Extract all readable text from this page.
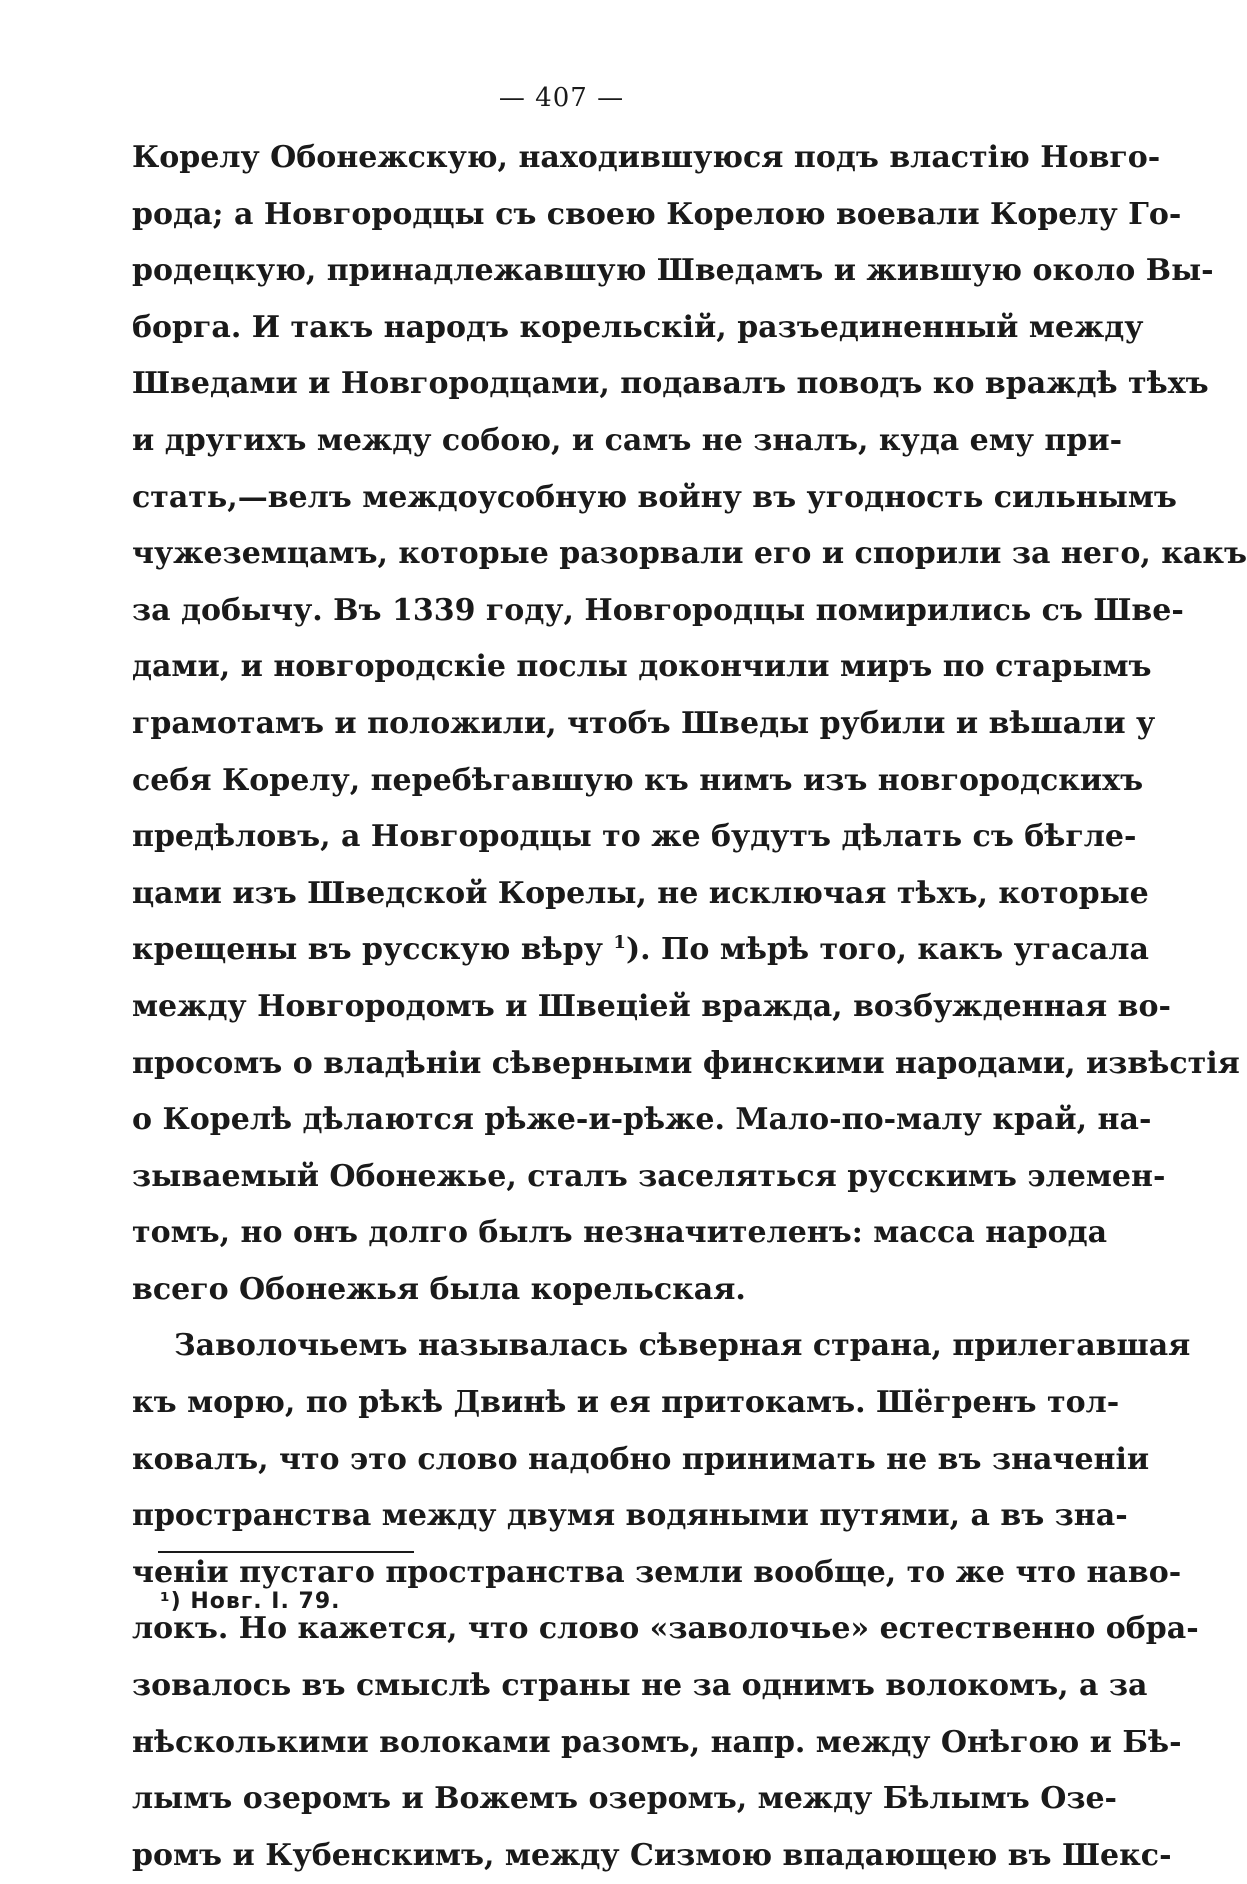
— 407 —
Корелу Обонежскую, находившуюся подъ властію Новго-
рода; а Новгородцы съ своею Корелою воевали Корелу Го-
родецкую, принадлежавшую Шведамъ и жившую около Вы-
борга. И такъ народъ корельскій, разъединенный между
Шведами и Новгородцами, подавалъ поводъ ко враждѣ тѣхъ
и другихъ между собою, и самъ не зналъ, куда ему при-
стать,—велъ междоусобную войну въ угодность сильнымъ
чужеземцамъ, которые разорвали его и спорили за него, какъ
за добычу. Въ 1339 году, Новгородцы помирились съ Шве-
дами, и новгородскіе послы докончили миръ по старымъ
грамотамъ и положили, чтобъ Шведы рубили и вѣшали у
себя Корелу, перебѣгавшую къ нимъ изъ новгородскихъ
предѣловъ, а Новгородцы то же будутъ дѣлать съ бѣгле-
цами изъ Шведской Корелы, не исключая тѣхъ, которые
крещены въ русскую вѣру $^1$). По мѣрѣ того, какъ угасала
между Новгородомъ и Швеціей вражда, возбужденная во-
просомъ о владѣніи сѣверными финскими народами, извѣстія
о Корелѣ дѣлаются рѣже-и-рѣже. Мало-по-малу край, на-
зываемый Обонежье, сталъ заселяться русскимъ элемен-
томъ, но онъ долго былъ незначителенъ: масса народа
всего Обонежья была корельская.
Заволочьемъ называлась сѣверная страна, прилегавшая
къ морю, по рѣкѣ Двинѣ и ея притокамъ. Шёгренъ тол-
ковалъ, что это слово надобно принимать не въ значеніи
пространства между двумя водяными путями, а въ зна-
ченіи пустаго пространства земли вообще, то же что наво-
локъ. Но кажется, что слово «заволочье» естественно обра-
зовалось въ смыслѣ страны не за однимъ волокомъ, а за
нѣсколькими волоками разомъ, напр. между Онѣгою и Бѣ-
лымъ озеромъ и Вожемъ озеромъ, между Бѣлымъ Озе-
ромъ и Кубенскимъ, между Сизмою впадающею въ Шекс-
¹) Новг. I. 79.
